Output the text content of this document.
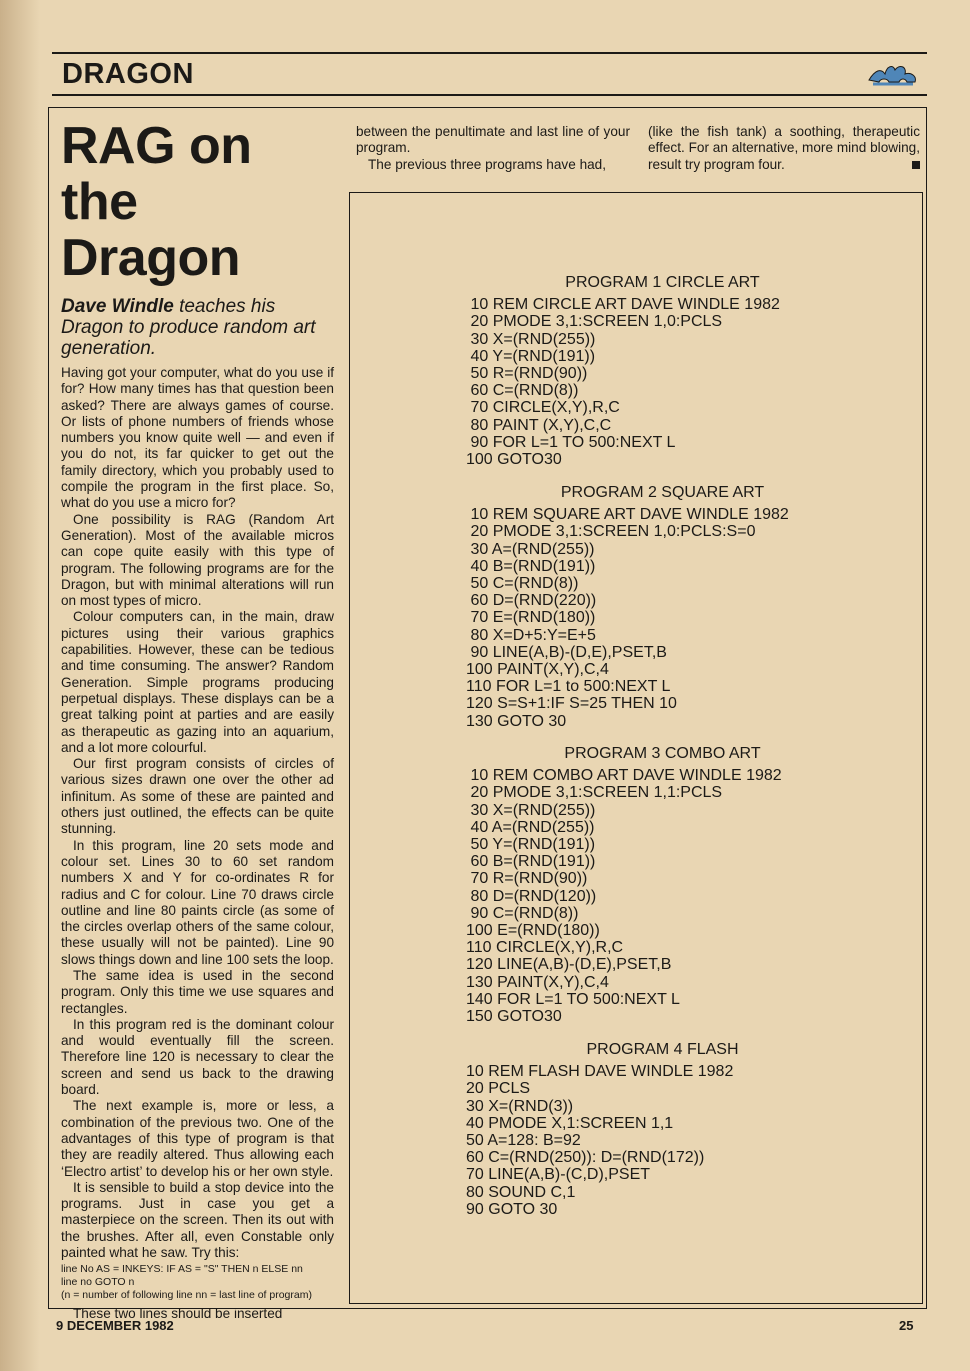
DRAGON
RAG on the
Dragon
Dave Windle teaches his
Dragon to produce random art
generation.

Having got your computer, what do you use if for? How many times has that question been asked? There are always games of course. Or lists of phone numbers of friends whose numbers you know quite well — and even if you do not, its far quicker to get out the family directory, which you probably used to compile the program in the first place. So, what do you use a micro for?

One possibility is RAG (Random Art Generation). Most of the available micros can cope quite easily with this type of program. The following programs are for the Dragon, but with minimal alterations will run on most types of micro.

Colour computers can, in the main, draw pictures using their various graphics capabilities. However, these can be tedious and time consuming. The answer? Random Generation. Simple programs producing perpetual displays. These displays can be a great talking point at parties and are easily as therapeutic as gazing into an aquarium, and a lot more colourful.

Our first program consists of circles of various sizes drawn one over the other ad infinitum. As some of these are painted and others just outlined, the effects can be quite stunning.

In this program, line 20 sets mode and colour set. Lines 30 to 60 set random numbers X and Y for co-ordinates R for radius and C for colour. Line 70 draws circle outline and line 80 paints circle (as some of the circles overlap others of the same colour, these usually will not be painted). Line 90 slows things down and line 100 sets the loop.

The same idea is used in the second program. Only this time we use squares and rectangles.

In this program red is the dominant colour and would eventually fill the screen. Therefore line 120 is necessary to clear the screen and send us back to the drawing board.

The next example is, more or less, a combination of the previous two. One of the advantages of this type of program is that they are readily altered. Thus allowing each ‘Electro artist’ to develop his or her own style.

It is sensible to build a stop device into the programs. Just in case you get a masterpiece on the screen. Then its out with the brushes. After all, even Constable only painted what he saw. Try this:

line No AS = INKEYS: IF AS = "S" THEN n ELSE nn
line no GOTO n
(n = number of following line nn = last line of program)

These two lines should be inserted

between the penultimate and last line of your program.

The previous three programs have had,

(like the fish tank) a soothing, therapeutic effect. For an alternative, more mind blowing, result try program four.

PROGRAM 1 CIRCLE ART
10 REM CIRCLE ART DAVE WINDLE 1982
20 PMODE 3,1:SCREEN 1,0:PCLS
30 X=(RND(255))
40 Y=(RND(191))
50 R=(RND(90))
60 C=(RND(8))
70 CIRCLE(X,Y),R,C
80 PAINT (X,Y),C,C
90 FOR L=1 TO 500:NEXT L
100 GOTO30
PROGRAM 2 SQUARE ART
10 REM SQUARE ART DAVE WINDLE 1982
20 PMODE 3,1:SCREEN 1,0:PCLS:S=0
30 A=(RND(255))
40 B=(RND(191))
50 C=(RND(8))
60 D=(RND(220))
70 E=(RND(180))
80 X=D+5:Y=E+5
90 LINE(A,B)-(D,E),PSET,B
100 PAINT(X,Y),C,4
110 FOR L=1 to 500:NEXT L
120 S=S+1:IF S=25 THEN 10
130 GOTO 30
PROGRAM 3 COMBO ART
10 REM COMBO ART DAVE WINDLE 1982
20 PMODE 3,1:SCREEN 1,1:PCLS
30 X=(RND(255))
40 A=(RND(255))
50 Y=(RND(191))
60 B=(RND(191))
70 R=(RND(90))
80 D=(RND(120))
90 C=(RND(8))
100 E=(RND(180))
110 CIRCLE(X,Y),R,C
120 LINE(A,B)-(D,E),PSET,B
130 PAINT(X,Y),C,4
140 FOR L=1 TO 500:NEXT L
150 GOTO30
PROGRAM 4 FLASH
10 REM FLASH DAVE WINDLE 1982
20 PCLS
30 X=(RND(3))
40 PMODE X,1:SCREEN 1,1
50 A=128: B=92
60 C=(RND(250)): D=(RND(172))
70 LINE(A,B)-(C,D),PSET
80 SOUND C,1
90 GOTO 30
9 DECEMBER 1982	25
